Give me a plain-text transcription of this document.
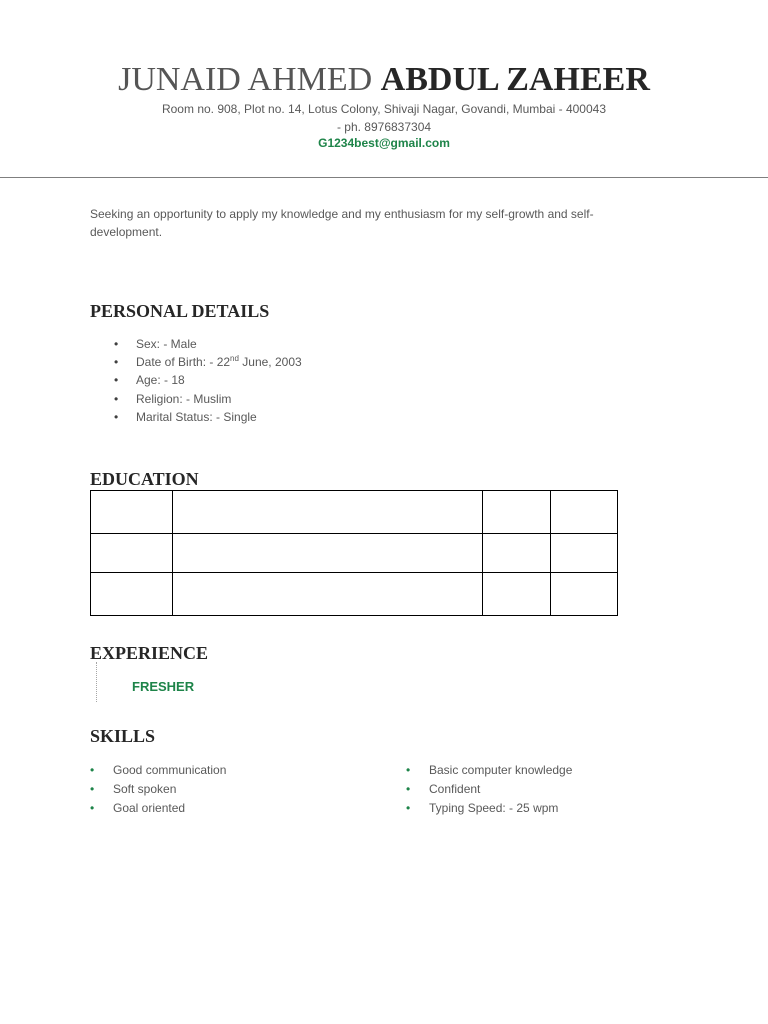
JUNAID AHMED ABDUL ZAHEER
Room no. 908, Plot no. 14, Lotus Colony, Shivaji Nagar, Govandi, Mumbai - 400043
- ph. 8976837304
G1234best@gmail.com
Seeking an opportunity to apply my knowledge and my enthusiasm for my self-growth and self-development.
PERSONAL DETAILS
• Sex: - Male
• Date of Birth: - 22nd June, 2003
• Age: - 18
• Religion: - Muslim
• Marital Status: - Single
EDUCATION

EXPERIENCE
FRESHER
SKILLS
• Good communication
• Soft spoken
• Goal oriented
• Basic computer knowledge
• Confident
• Typing Speed: - 25 wpm
